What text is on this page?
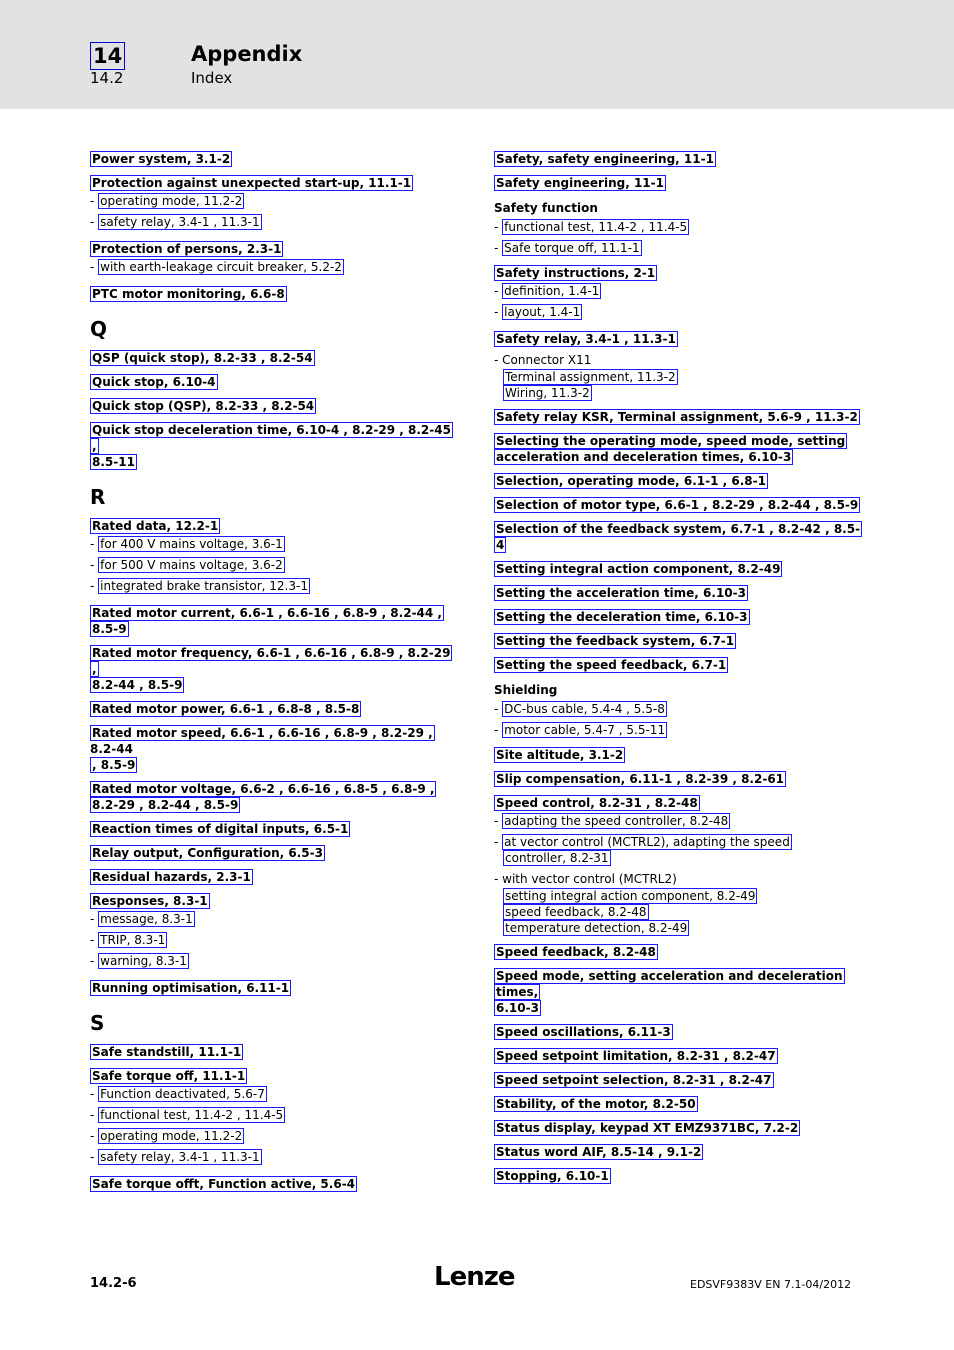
14	Appendix
14.2	Index
Power system, 3.1-2
Protection against unexpected start-up, 11.1-1
- operating mode, 11.2-2
- safety relay, 3.4-1 , 11.3-1
Protection of persons, 2.3-1
- with earth-leakage circuit breaker, 5.2-2
PTC motor monitoring, 6.6-8
Q
QSP (quick stop), 8.2-33 , 8.2-54
Quick stop, 6.10-4
Quick stop (QSP), 8.2-33 , 8.2-54
Quick stop deceleration time, 6.10-4 , 8.2-29 , 8.2-45 ,
8.5-11
R
Rated data, 12.2-1
- for 400 V mains voltage, 3.6-1
- for 500 V mains voltage, 3.6-2
- integrated brake transistor, 12.3-1
Rated motor current, 6.6-1 , 6.6-16 , 6.8-9 , 8.2-44 ,
8.5-9
Rated motor frequency, 6.6-1 , 6.6-16 , 6.8-9 , 8.2-29 ,
8.2-44 , 8.5-9
Rated motor power, 6.6-1 , 6.8-8 , 8.5-8
Rated motor speed, 6.6-1 , 6.6-16 , 6.8-9 , 8.2-29 , 8.2-44
, 8.5-9
Rated motor voltage, 6.6-2 , 6.6-16 , 6.8-5 , 6.8-9 ,
8.2-29 , 8.2-44 , 8.5-9
Reaction times of digital inputs, 6.5-1
Relay output, Configuration, 6.5-3
Residual hazards, 2.3-1
Responses, 8.3-1
- message, 8.3-1
- TRIP, 8.3-1
- warning, 8.3-1
Running optimisation, 6.11-1
S
Safe standstill, 11.1-1
Safe torque off, 11.1-1
- Function deactivated, 5.6-7
- functional test, 11.4-2 , 11.4-5
- operating mode, 11.2-2
- safety relay, 3.4-1 , 11.3-1
Safe torque offt, Function active, 5.6-4
Safety, safety engineering, 11-1
Safety engineering, 11-1
Safety function
- functional test, 11.4-2 , 11.4-5
- Safe torque off, 11.1-1
Safety instructions, 2-1
- definition, 1.4-1
- layout, 1.4-1
Safety relay, 3.4-1 , 11.3-1
- Connector X11
Terminal assignment, 11.3-2
Wiring, 11.3-2
Safety relay KSR, Terminal assignment, 5.6-9 , 11.3-2
Selecting the operating mode, speed mode, setting
acceleration and deceleration times, 6.10-3
Selection, operating mode, 6.1-1 , 6.8-1
Selection of motor type, 6.6-1 , 8.2-29 , 8.2-44 , 8.5-9
Selection of the feedback system, 6.7-1 , 8.2-42 , 8.5-4
Setting integral action component, 8.2-49
Setting the acceleration time, 6.10-3
Setting the deceleration time, 6.10-3
Setting the feedback system, 6.7-1
Setting the speed feedback, 6.7-1
Shielding
- DC-bus cable, 5.4-4 , 5.5-8
- motor cable, 5.4-7 , 5.5-11
Site altitude, 3.1-2
Slip compensation, 6.11-1 , 8.2-39 , 8.2-61
Speed control, 8.2-31 , 8.2-48
- adapting the speed controller, 8.2-48
- at vector control (MCTRL2), adapting the speed
controller, 8.2-31
- with vector control (MCTRL2)
setting integral action component, 8.2-49
speed feedback, 8.2-48
temperature detection, 8.2-49
Speed feedback, 8.2-48
Speed mode, setting acceleration and deceleration times,
6.10-3
Speed oscillations, 6.11-3
Speed setpoint limitation, 8.2-31 , 8.2-47
Speed setpoint selection, 8.2-31 , 8.2-47
Stability, of the motor, 8.2-50
Status display, keypad XT EMZ9371BC, 7.2-2
Status word AIF, 8.5-14 , 9.1-2
Stopping, 6.10-1
14.2-6	Lenze	EDSVF9383V EN 7.1-04/2012
